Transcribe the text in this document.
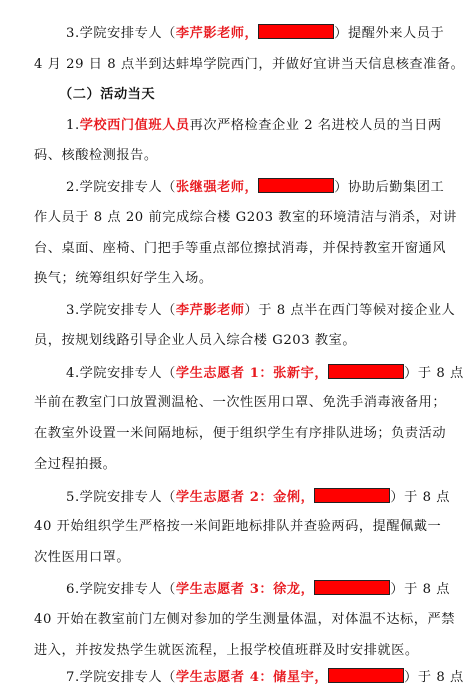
3.学院安排专人（李芹影老师，	）提醒外来人员于
4 月 29 日 8 点半到达蚌埠学院西门，并做好宜讲当天信息核查准备。
（二）活动当天
1.学校西门值班人员再次严格检查企业 2 名进校人员的当日两
码、核酸检测报告。
2.学院安排专人（张继强老师，	）协助后勤集团工
作人员于 8 点 20 前完成综合楼 G203 教室的环境清洁与消杀，对讲
台、桌面、座椅、门把手等重点部位擦拭消毒，并保持教室开窗通风
换气；统筹组织好学生入场。
3.学院安排专人（李芹影老师）于 8 点半在西门等候对接企业人
员，按规划线路引导企业人员入综合楼 G203 教室。
4.学院安排专人（学生志愿者 1：张新宇，	）于 8 点
半前在教室门口放置测温枪、一次性医用口罩、免洗手消毒液备用；
在教室外设置一米间隔地标，便于组织学生有序排队进场；负责活动
全过程拍摄。
5.学院安排专人（学生志愿者 2：金俐，	）于 8 点
40 开始组织学生严格按一米间距地标排队并查验两码，提醒佩戴一
次性医用口罩。
6.学院安排专人（学生志愿者 3：徐龙，	）于 8 点
40 开始在教室前门左侧对参加的学生测量体温，对体温不达标，严禁
进入，并按发热学生就医流程，上报学校值班群及时安排就医。
7.学院安排专人（学生志愿者 4：储星宇，	）于 8 点
